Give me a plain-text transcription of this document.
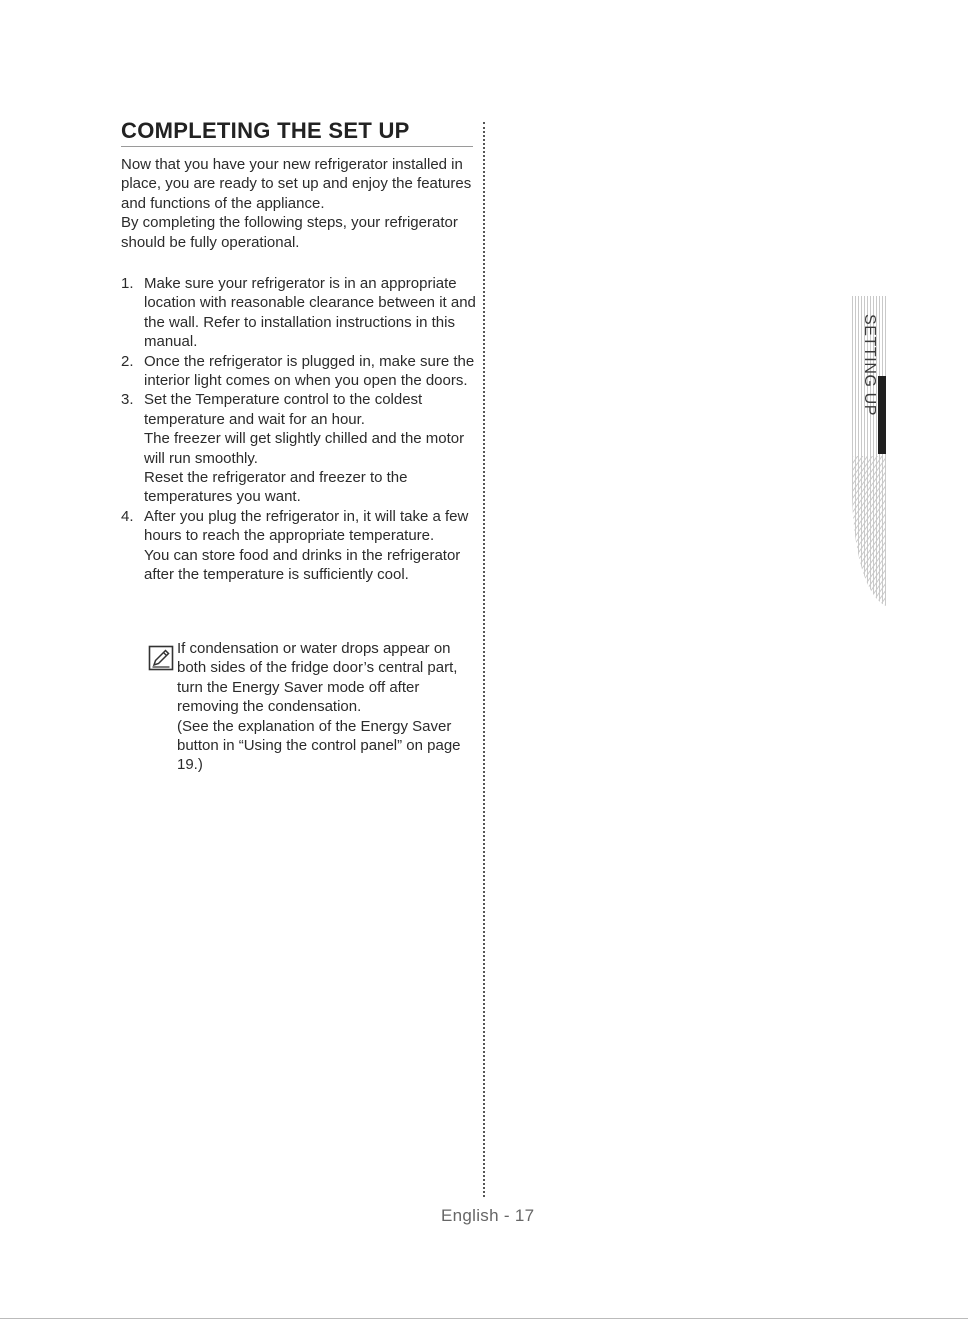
COMPLETING THE SET UP

Now that you have your new refrigerator installed in place, you are ready to set up and enjoy the features and functions of the appliance.

By completing the following steps, your refrigerator should be fully operational.

1. Make sure your refrigerator is in an appropriate location with reasonable clearance between it and the wall. Refer to installation instructions in this manual.

2. Once the refrigerator is plugged in, make sure the interior light comes on when you open the doors.

3. Set the Temperature control to the coldest temperature and wait for an hour.

The freezer will get slightly chilled and the motor will run smoothly.

Reset the refrigerator and freezer to the temperatures you want.

4. After you plug the refrigerator in, it will take a few hours to reach the appropriate temperature.

You can store food and drinks in the refrigerator after the temperature is sufficiently cool.

If condensation or water drops appear on both sides of the fridge door’s central part, turn the Energy Saver mode off after removing the condensation.

(See the explanation of the Energy Saver button in “Using the control panel” on page 19.)

SETTING UP
English - 17
